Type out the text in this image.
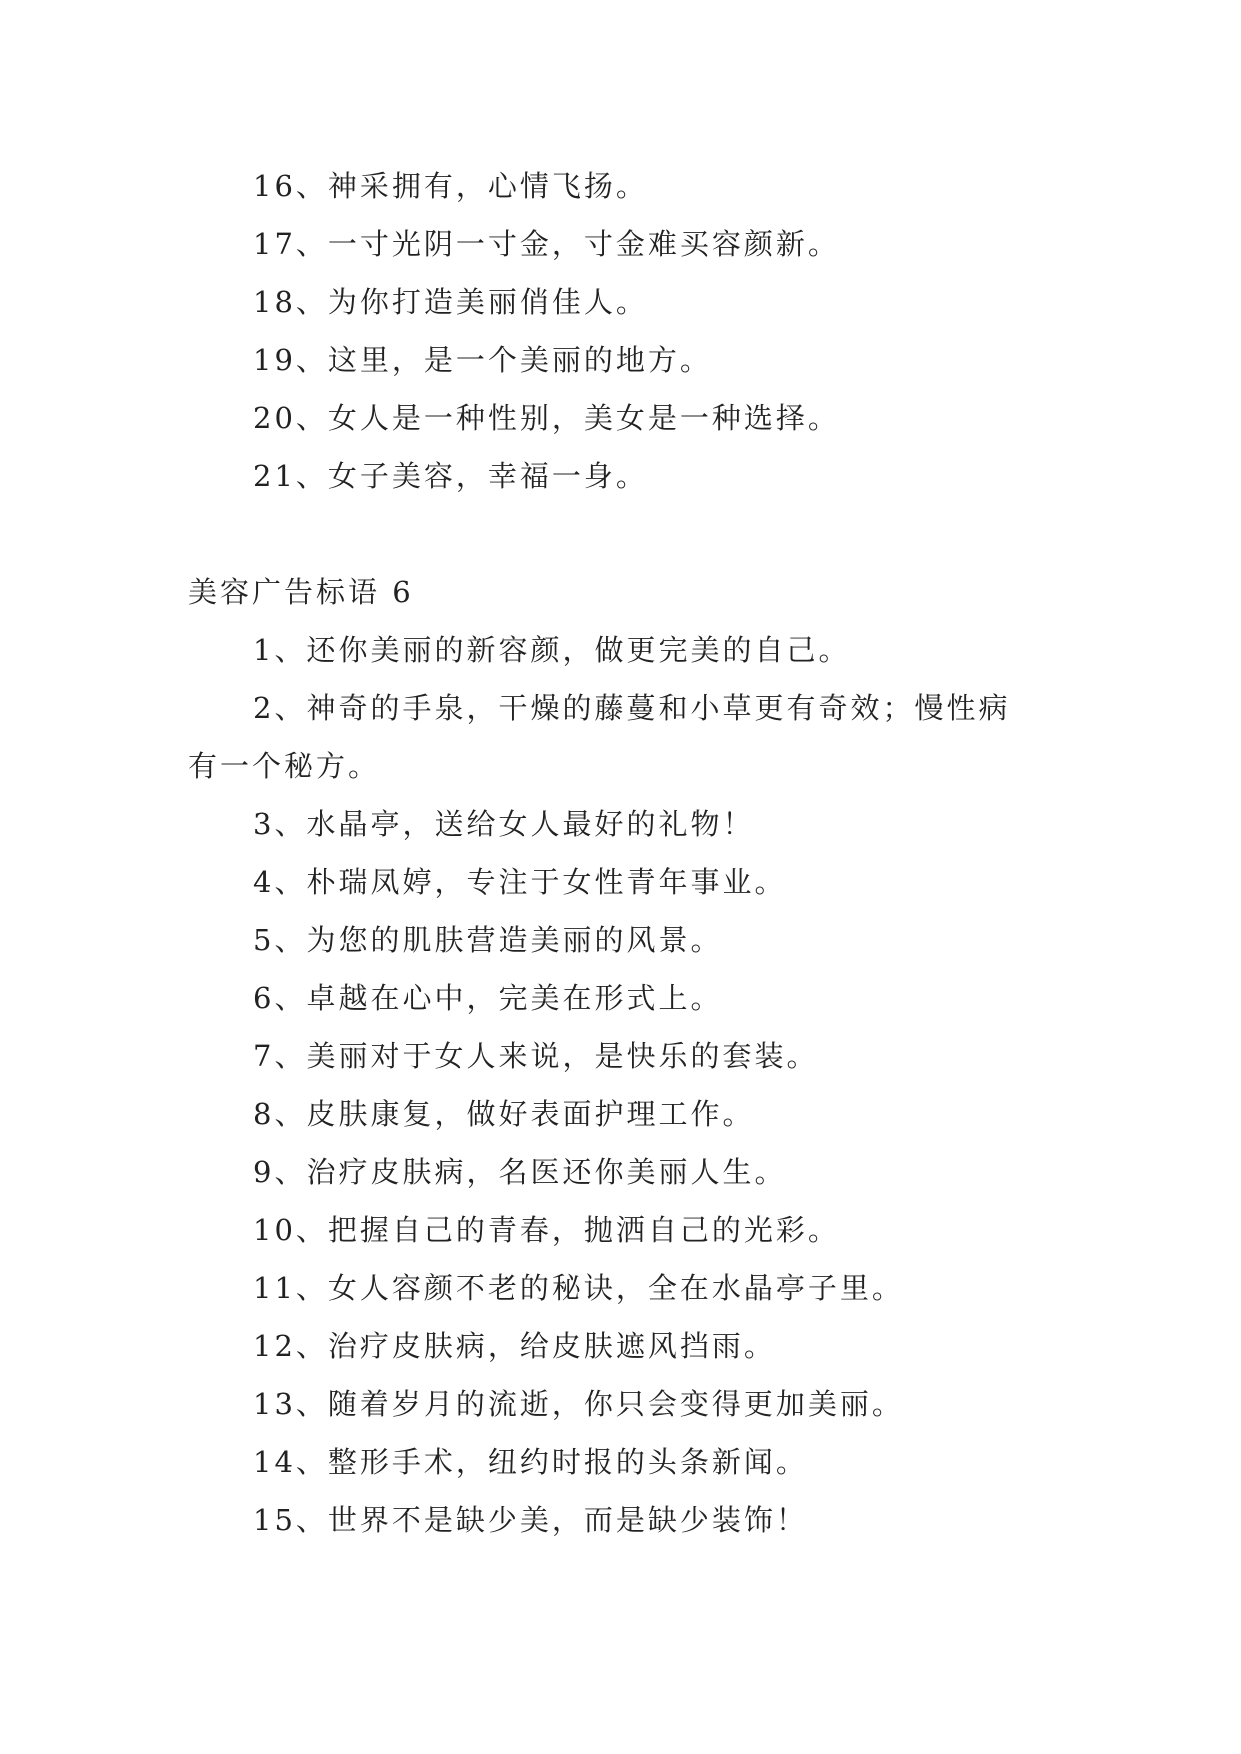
16、神采拥有，心情飞扬。
17、一寸光阴一寸金，寸金难买容颜新。
18、为你打造美丽俏佳人。
19、这里，是一个美丽的地方。
20、女人是一种性别，美女是一种选择。
21、女子美容，幸福一身。
美容广告标语 6
1、还你美丽的新容颜，做更完美的自己。
2、神奇的手泉，干燥的藤蔓和小草更有奇效；慢性病
有一个秘方。
3、水晶亭，送给女人最好的礼物！
4、朴瑞凤婷，专注于女性青年事业。
5、为您的肌肤营造美丽的风景。
6、卓越在心中，完美在形式上。
7、美丽对于女人来说，是快乐的套装。
8、皮肤康复，做好表面护理工作。
9、治疗皮肤病，名医还你美丽人生。
10、把握自己的青春，抛洒自己的光彩。
11、女人容颜不老的秘诀，全在水晶亭子里。
12、治疗皮肤病，给皮肤遮风挡雨。
13、随着岁月的流逝，你只会变得更加美丽。
14、整形手术，纽约时报的头条新闻。
15、世界不是缺少美，而是缺少装饰！
